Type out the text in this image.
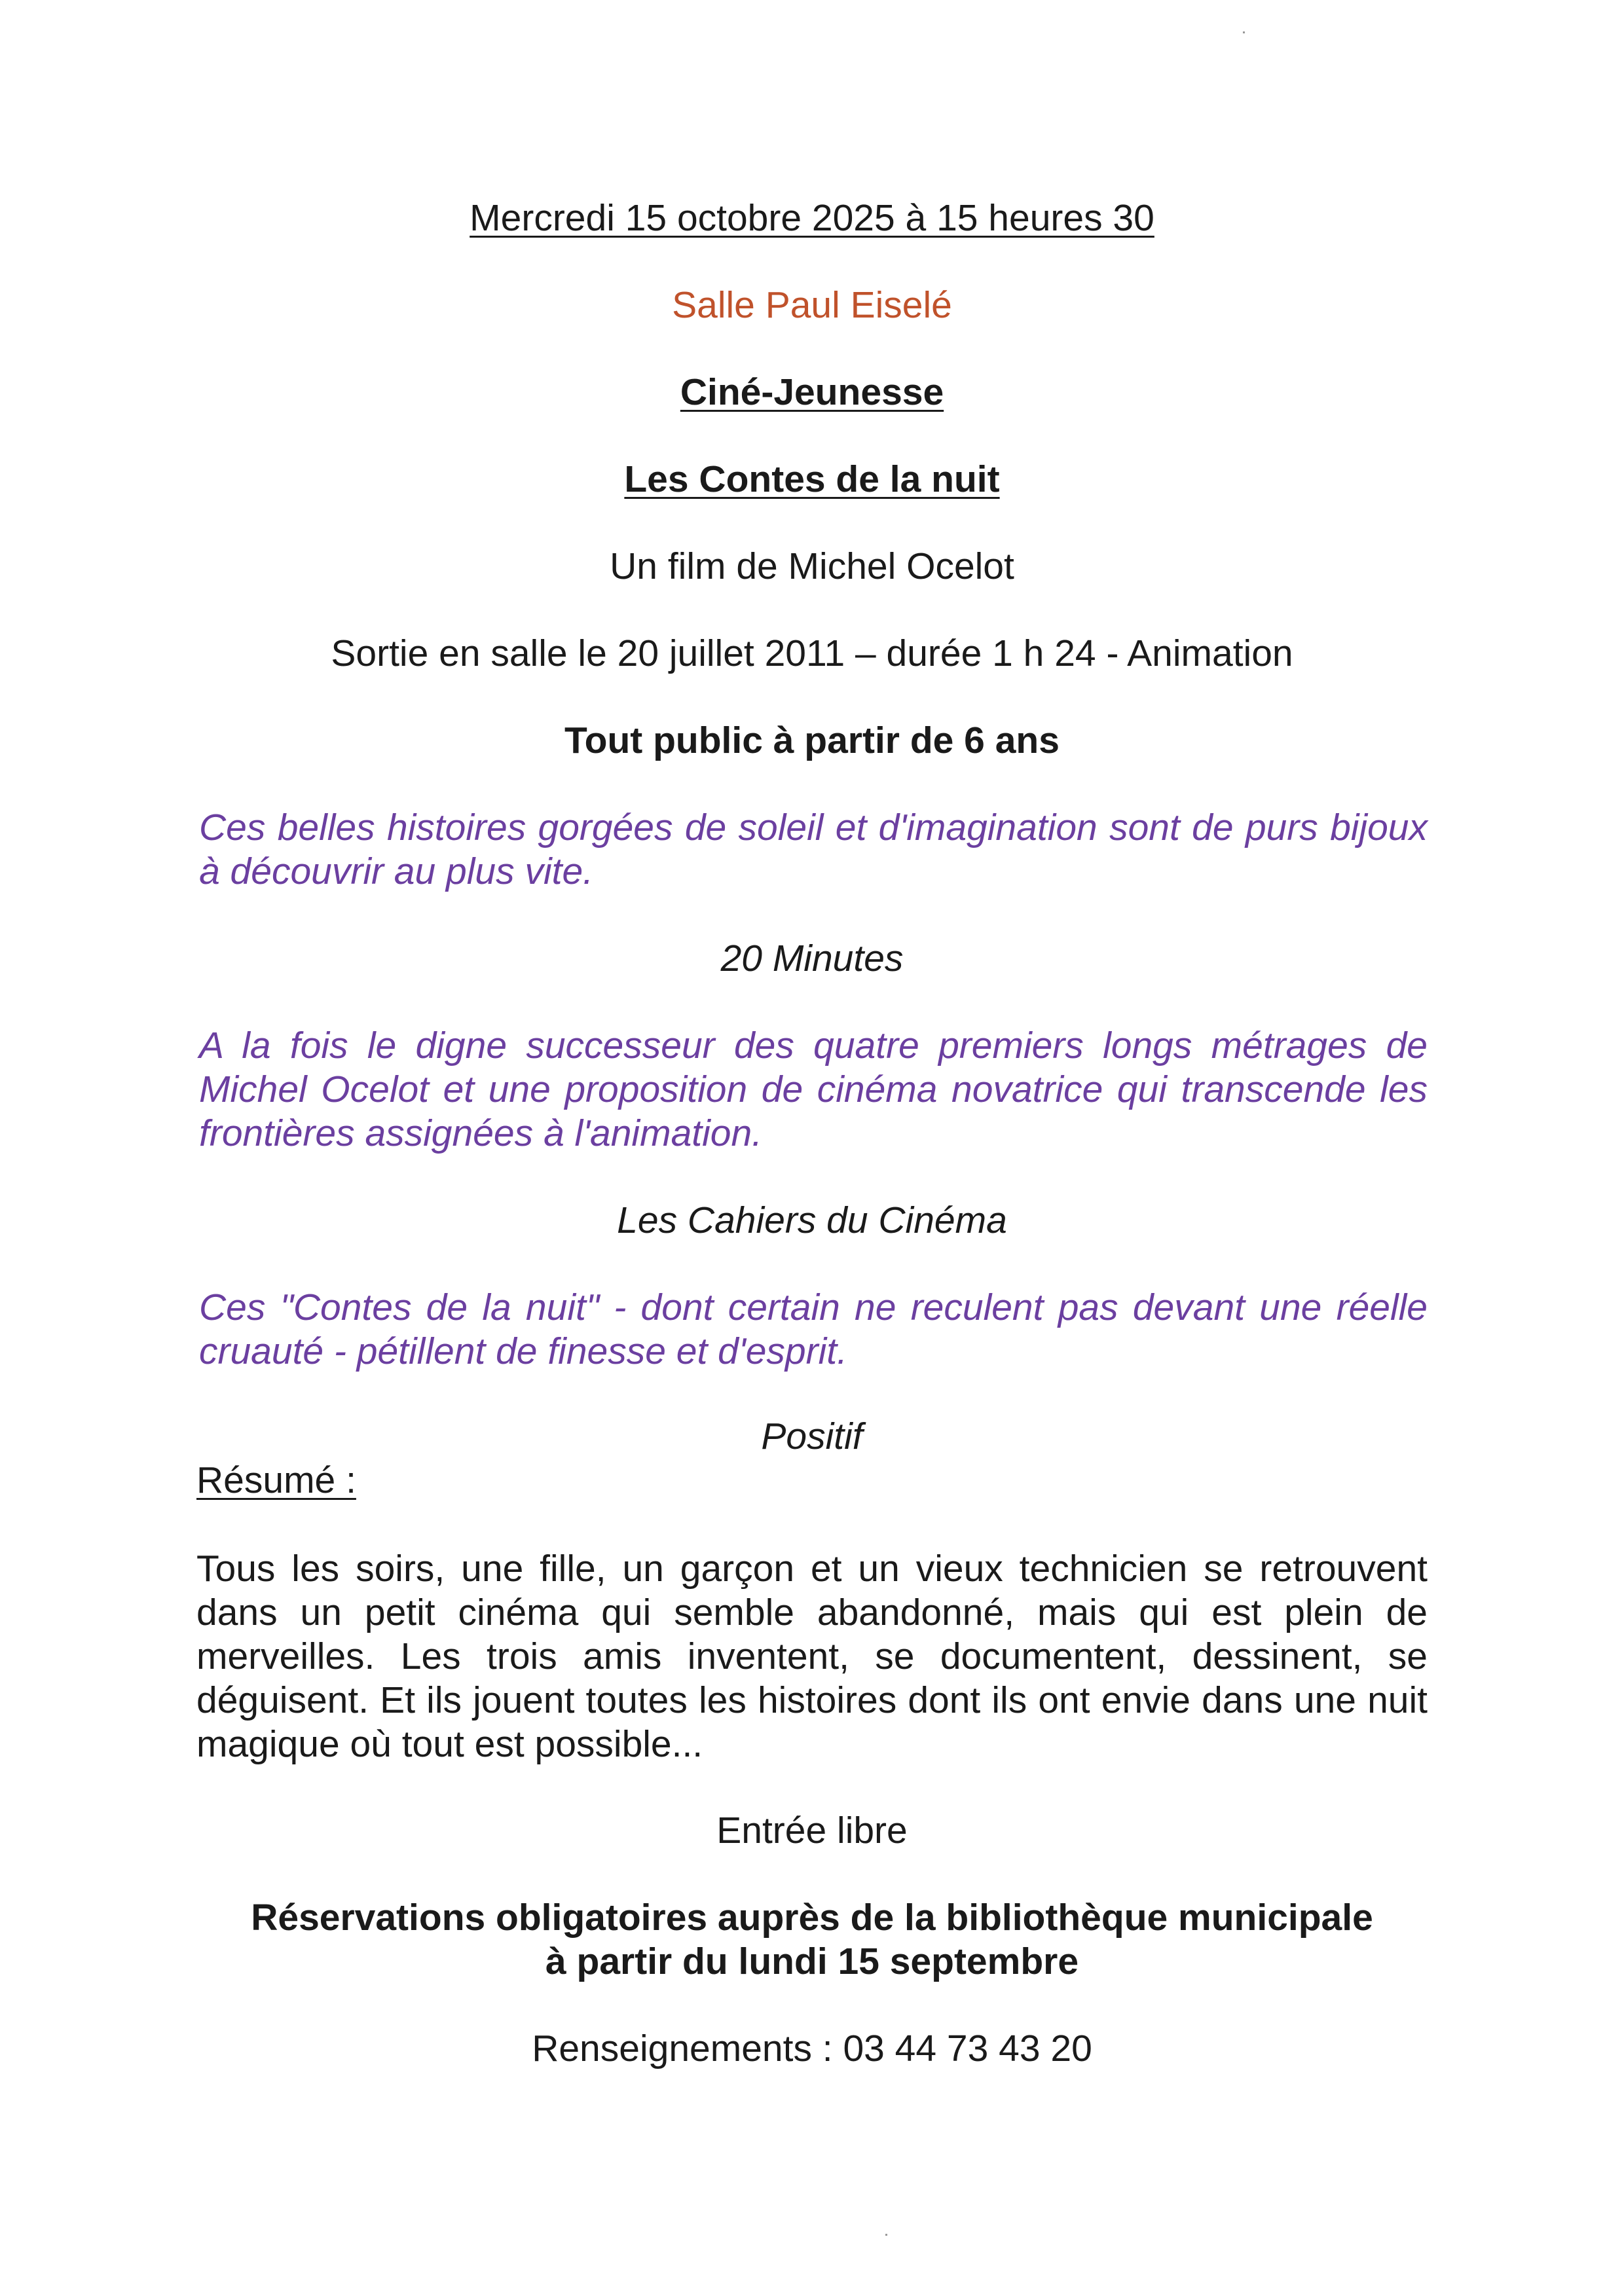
Mercredi 15 octobre 2025 à 15 heures 30
Salle Paul Eiselé
Ciné-Jeunesse
Les Contes de la nuit
Un film de Michel Ocelot
Sortie en salle le 20 juillet 2011 – durée 1 h 24 - Animation
Tout public à partir de 6 ans
Ces belles histoires gorgées de soleil et d'imagination sont de purs bijoux à découvrir au plus vite.
20 Minutes
A la fois le digne successeur des quatre premiers longs métrages de Michel Ocelot et une proposition de cinéma novatrice qui transcende les frontières assignées à l'animation.
Les Cahiers du Cinéma
Ces "Contes de la nuit" - dont certain ne reculent pas devant une réelle cruauté - pétillent de finesse et d'esprit.
Positif
Résumé :
Tous les soirs, une fille, un garçon et un vieux technicien se retrouvent dans un petit cinéma qui semble abandonné, mais qui est plein de merveilles. Les trois amis inventent, se documentent, dessinent, se déguisent. Et ils jouent toutes les histoires dont ils ont envie dans une nuit magique où tout est possible...
Entrée libre
Réservations obligatoires auprès de la bibliothèque municipale
à partir du lundi 15 septembre
Renseignements : 03 44 73 43 20
